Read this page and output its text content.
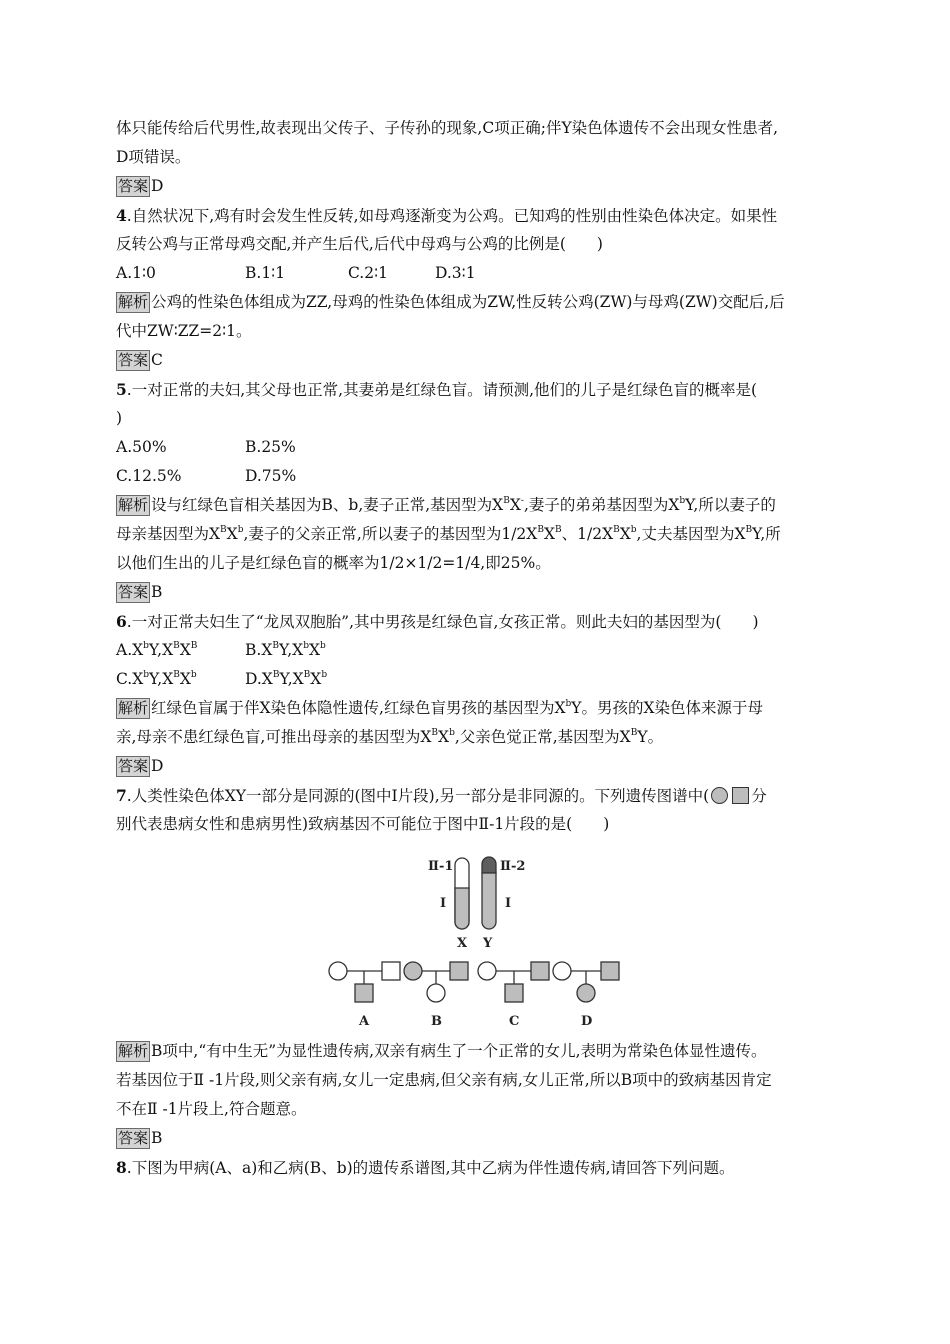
体只能传给后代男性,故表现出父传子、子传孙的现象,C项正确;伴Y染色体遗传不会出现女性患者,
D项错误。
答案 D
4.自然状况下,鸡有时会发生性反转,如母鸡逐渐变为公鸡。已知鸡的性别由性染色体决定。如果性
反转公鸡与正常母鸡交配,并产生后代,后代中母鸡与公鸡的比例是(　　)
A.1∶0	B.1∶1	C.2∶1	D.3∶1
解析 公鸡的性染色体组成为ZZ,母鸡的性染色体组成为ZW,性反转公鸡(ZW)与母鸡(ZW)交配后,后
代中ZW∶ZZ=2∶1。
答案 C
5.一对正常的夫妇,其父母也正常,其妻弟是红绿色盲。请预测,他们的儿子是红绿色盲的概率是(
)
A.50%	B.25%
C.12.5%	D.75%
解析 设与红绿色盲相关基因为B、b,妻子正常,基因型为$X^BX^-$,妻子的弟弟基因型为$X^bY$,所以妻子的
母亲基因型为$X^BX^b$,妻子的父亲正常,所以妻子的基因型为$1/2X^BX^B$、$1/2X^BX^b$,丈夫基因型为$X^BY$,所
以他们生出的儿子是红绿色盲的概率为1/2×1/2=1/4,即25%。
答案 B
6.一对正常夫妇生了“龙凤双胞胎”,其中男孩是红绿色盲,女孩正常。则此夫妇的基因型为(　　)
$A.X^bY,X^BX^B$	$B.X^BY,X^bX^b$
$C.X^bY,X^BX^b$	$D.X^BY,X^BX^b$
解析 红绿色盲属于伴X染色体隐性遗传,红绿色盲男孩的基因型为$X^bY$。男孩的X染色体来源于母
亲,母亲不患红绿色盲,可推出母亲的基因型为$X^BX^b$,父亲色觉正常,基因型为$X^BY$。
答案 D
7.人类性染色体XY一部分是同源的(图中Ⅰ片段),另一部分是非同源的。下列遗传图谱中(	分
别代表患病女性和患病男性)致病基因不可能位于图中Ⅱ-1片段的是(　　)
Ⅱ-1	Ⅱ-2
Ⅰ	Ⅰ
X Y
A	B	C	D
解析 B项中,“有中生无”为显性遗传病,双亲有病生了一个正常的女儿,表明为常染色体显性遗传。
若基因位于Ⅱ -1片段,则父亲有病,女儿一定患病,但父亲有病,女儿正常,所以B项中的致病基因肯定
不在Ⅱ -1片段上,符合题意。
答案 B
8.下图为甲病(A、a)和乙病(B、b)的遗传系谱图,其中乙病为伴性遗传病,请回答下列问题。
